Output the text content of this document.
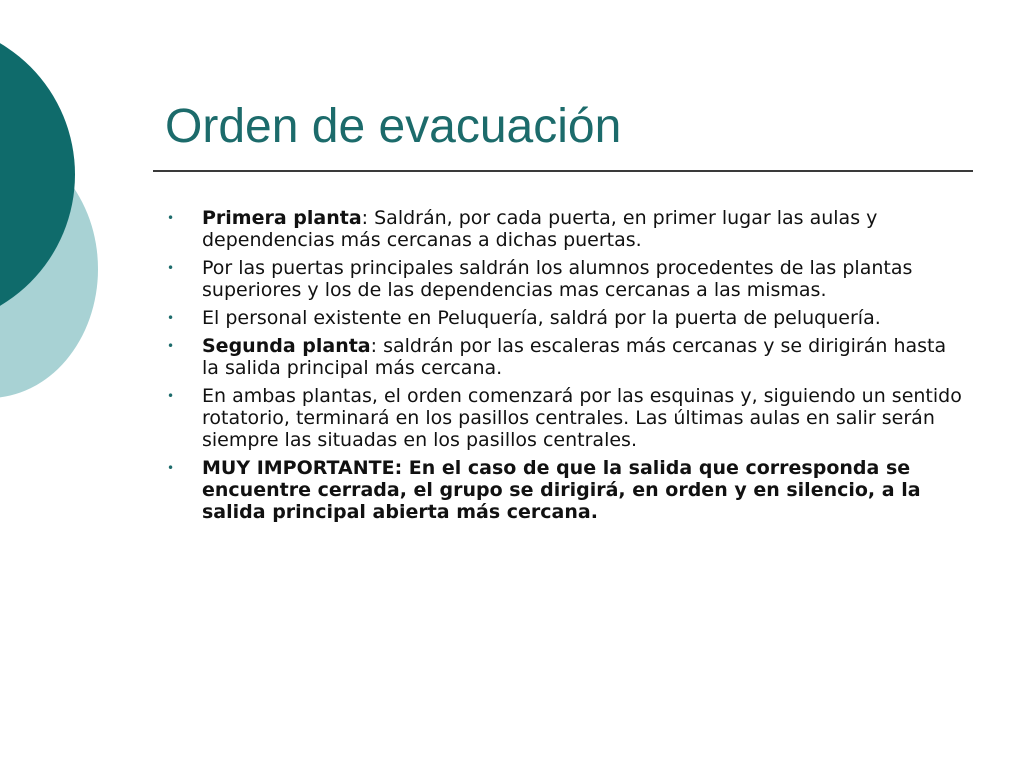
Orden de evacuación
• Primera planta: Saldrán, por cada puerta, en primer lugar las aulas y dependencias más cercanas a dichas puertas.
• Por las puertas principales saldrán los alumnos procedentes de las plantas superiores y los de las dependencias mas cercanas a las mismas.
• El personal existente en Peluquería, saldrá por la puerta de peluquería.
• Segunda planta: saldrán por las escaleras más cercanas y se dirigirán hasta la salida principal más cercana.
• En ambas plantas, el orden comenzará por las esquinas y, siguiendo un sentido rotatorio, terminará en los pasillos centrales. Las últimas aulas en salir serán siempre las situadas en los pasillos centrales.
• MUY IMPORTANTE: En el caso de que la salida que corresponda se encuentre cerrada, el grupo se dirigirá, en orden y en silencio, a la salida principal abierta más cercana.
